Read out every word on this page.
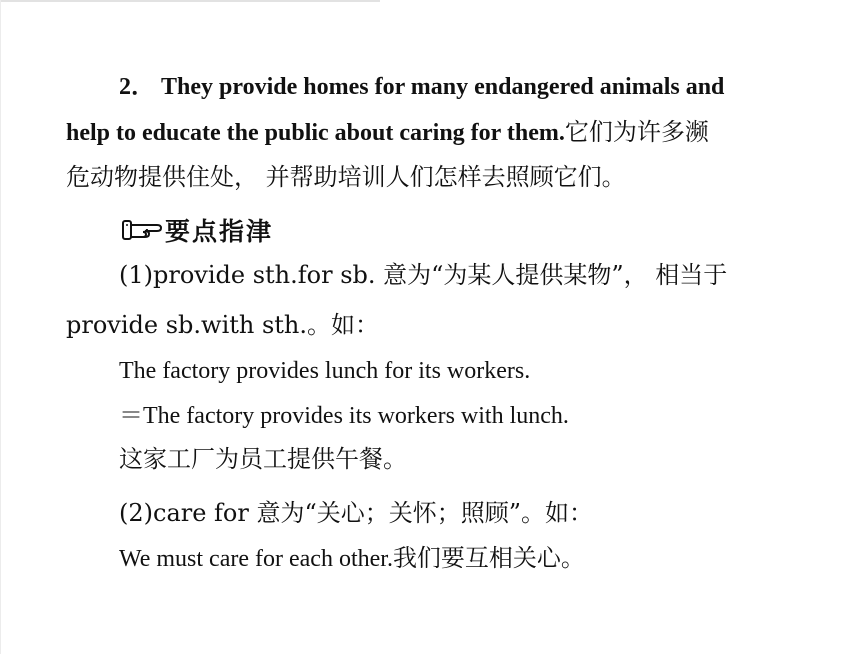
2． They provide homes for many endangered animals and
help to educate the public about caring for them.它们为许多濒
危动物提供住处， 并帮助培训人们怎样去照顾它们。
要点指津
(1)provide sth.for sb. 意为“为某人提供某物”， 相当于
provide sb.with sth.。如：
The factory provides lunch for its workers.
＝The factory provides its workers with lunch.
这家工厂为员工提供午餐。
(2)care for 意为“关心；关怀；照顾”。如：
We must care for each other.我们要互相关心。
